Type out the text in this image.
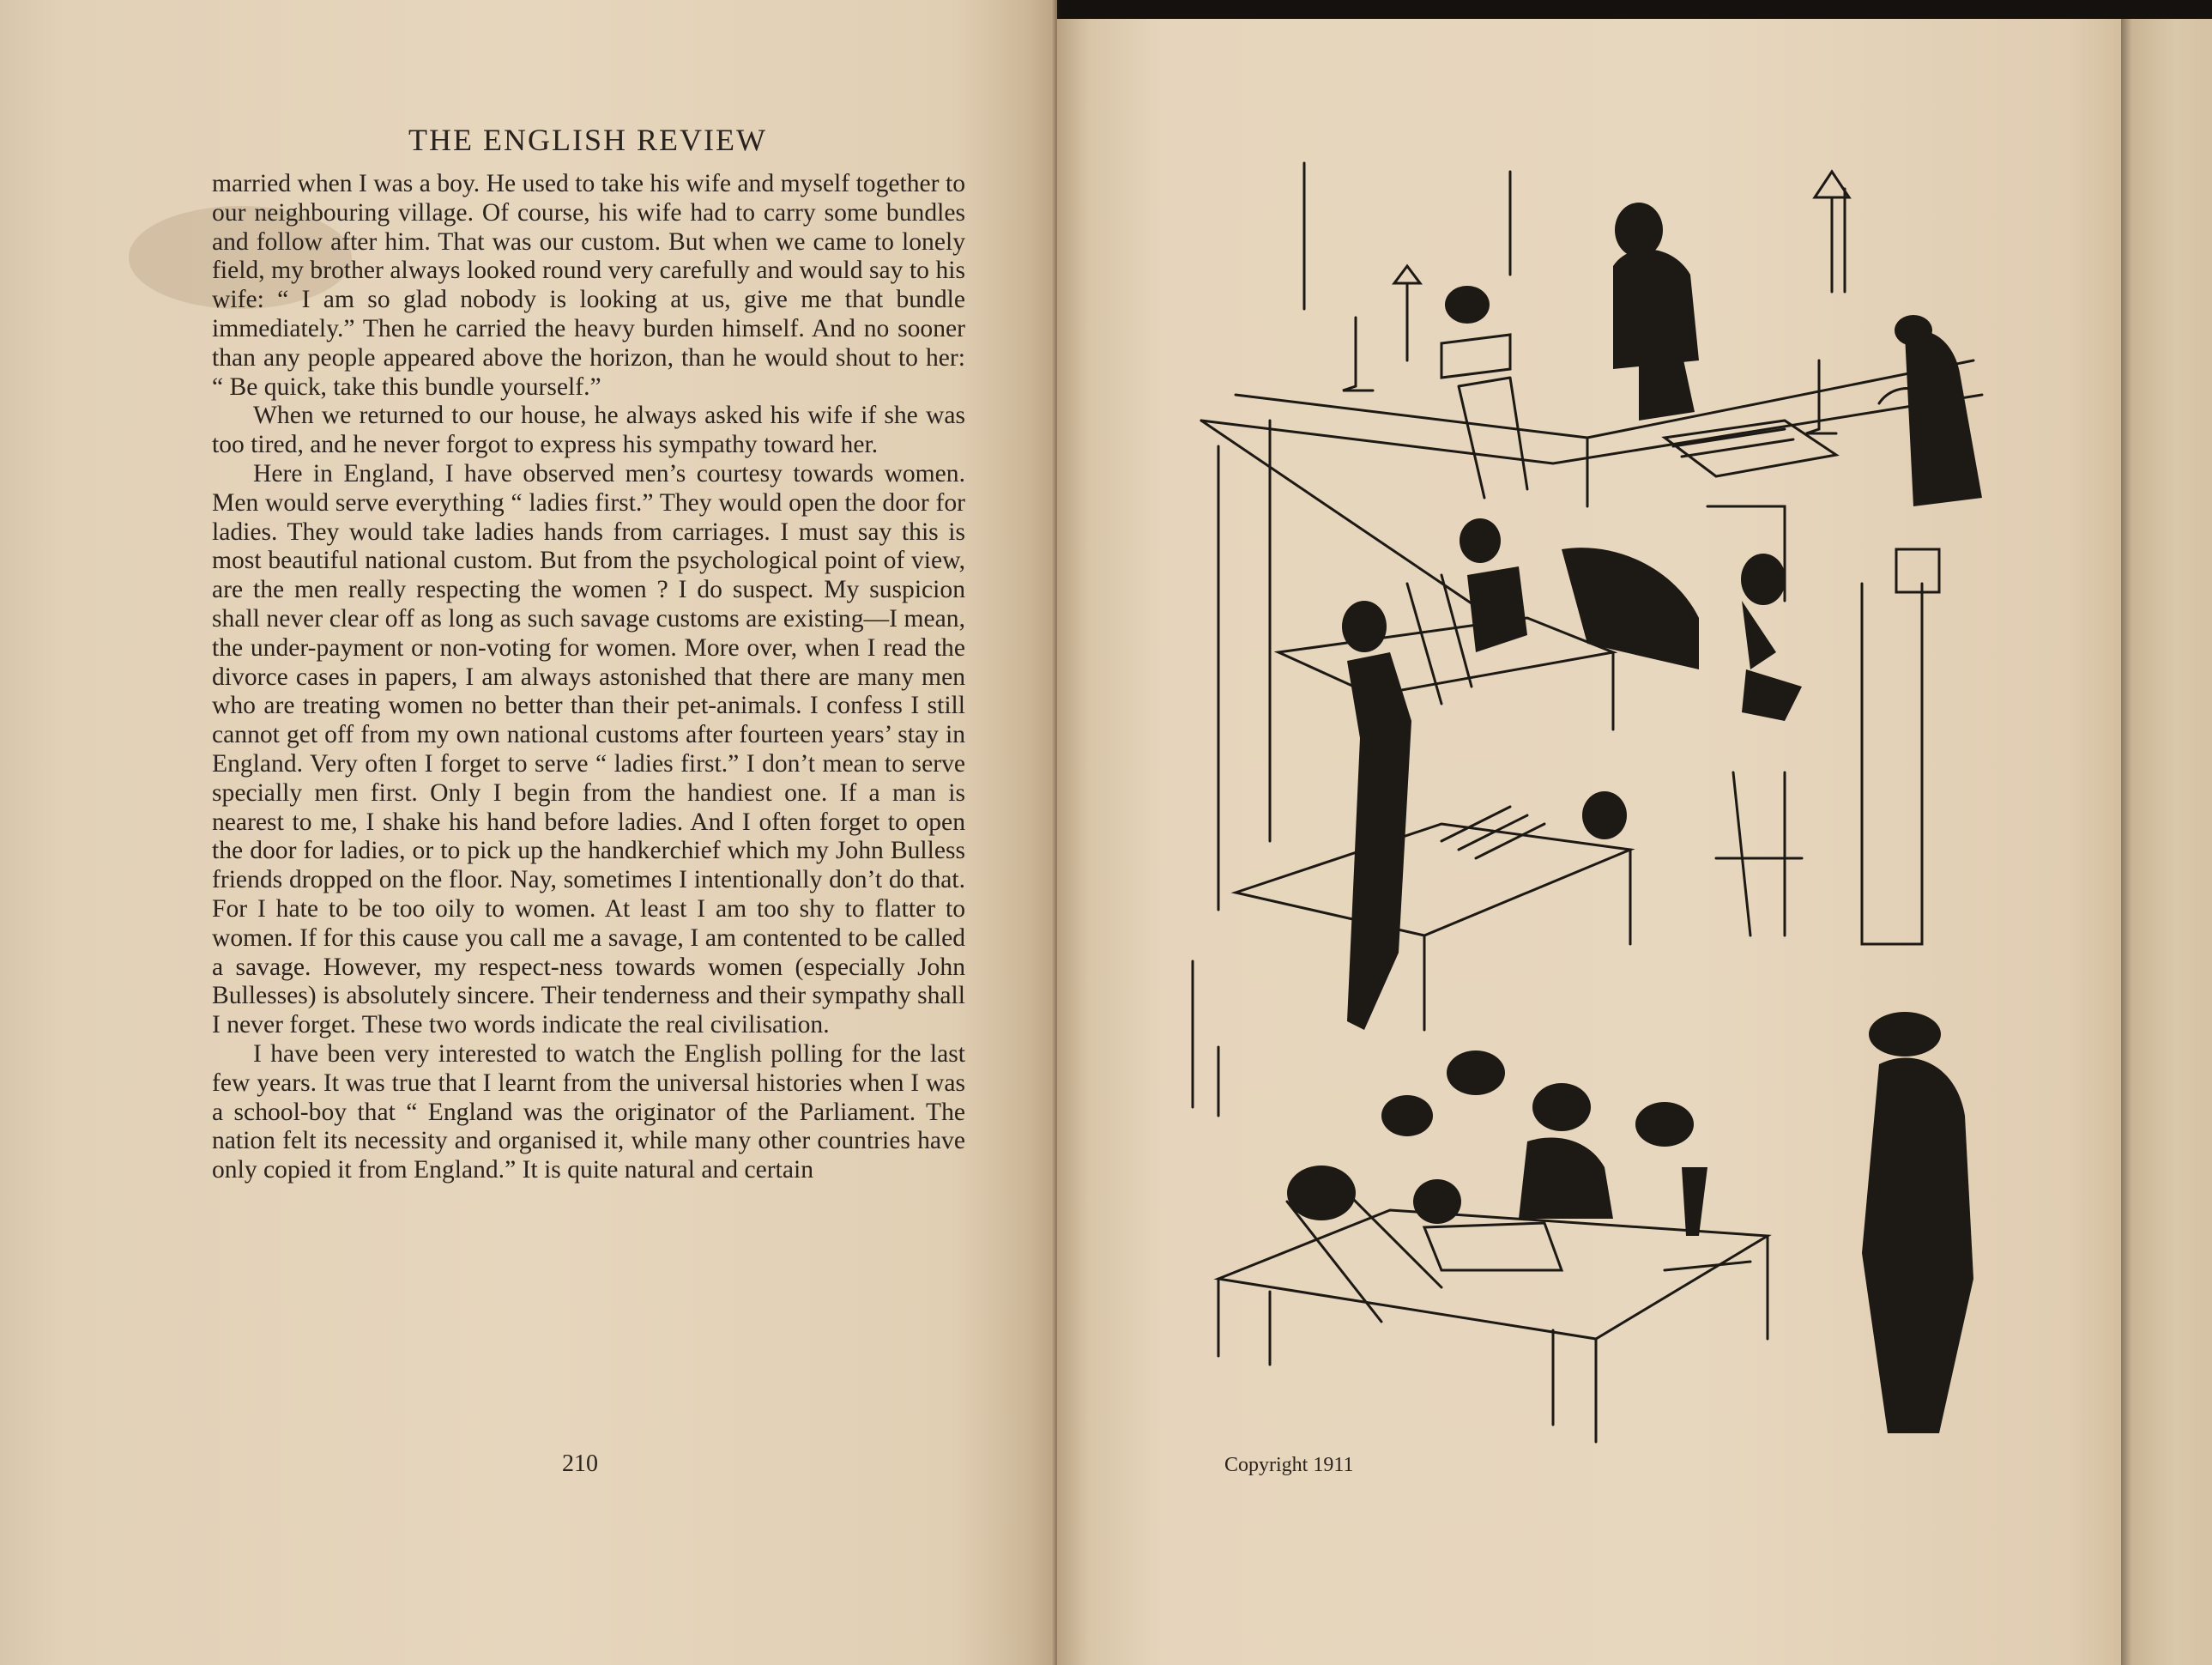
THE ENGLISH REVIEW

married when I was a boy. He used to take his wife and myself together to our neighbouring village. Of course, his wife had to carry some bundles and follow after him. That was our custom. But when we came to lonely field, my brother always looked round very carefully and would say to his wife: “ I am so glad nobody is looking at us, give me that bundle immediately.” Then he carried the heavy burden himself. And no sooner than any people appeared above the horizon, than he would shout to her: “ Be quick, take this bundle yourself.”

When we returned to our house, he always asked his wife if she was too tired, and he never forgot to express his sympathy toward her.

Here in England, I have observed men’s courtesy towards women. Men would serve everything “ ladies first.” They would open the door for ladies. They would take ladies hands from carriages. I must say this is most beautiful national custom. But from the psychological point of view, are the men really respecting the women ? I do suspect. My suspicion shall never clear off as long as such savage customs are existing—I mean, the under-payment or non-voting for women. More over, when I read the divorce cases in papers, I am always astonished that there are many men who are treating women no better than their pet-animals. I confess I still cannot get off from my own national customs after fourteen years’ stay in England. Very often I forget to serve “ ladies first.” I don’t mean to serve specially men first. Only I begin from the handiest one. If a man is nearest to me, I shake his hand before ladies. And I often forget to open the door for ladies, or to pick up the handkerchief which my John Bulless friends dropped on the floor. Nay, sometimes I intentionally don’t do that. For I hate to be too oily to women. At least I am too shy to flatter to women. If for this cause you call me a savage, I am contented to be called a savage. However, my respect-ness towards women (especially John Bullesses) is absolutely sincere. Their tenderness and their sympathy shall I never forget. These two words indicate the real civilisation.

I have been very interested to watch the English polling for the last few years. It was true that I learnt from the universal histories when I was a school-boy that “ England was the originator of the Parliament. The nation felt its necessity and organised it, while many other countries have only copied it from England.” It is quite natural and certain

210	Copyright 1911
